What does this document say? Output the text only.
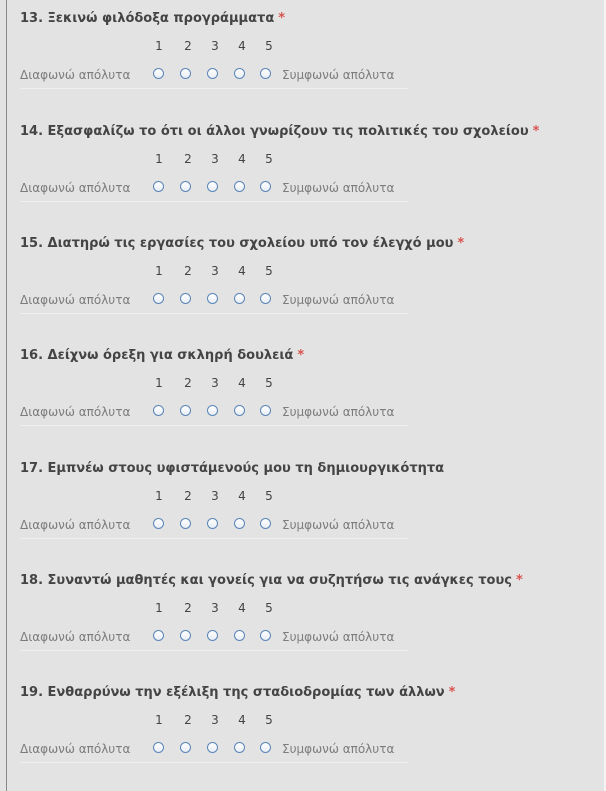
13. Ξεκινώ φιλόδοξα προγράμματα *
1	2	3	4	5
Διαφωνώ απόλυτα	Συμφωνώ απόλυτα
14. Εξασφαλίζω το ότι οι άλλοι γνωρίζουν τις πολιτικές του σχολείου *
1	2	3	4	5
Διαφωνώ απόλυτα	Συμφωνώ απόλυτα
15. Διατηρώ τις εργασίες του σχολείου υπό τον έλεγχό μου *
1	2	3	4	5
Διαφωνώ απόλυτα	Συμφωνώ απόλυτα
16. Δείχνω όρεξη για σκληρή δουλειά *
1	2	3	4	5
Διαφωνώ απόλυτα	Συμφωνώ απόλυτα
17. Εμπνέω στους υφιστάμενούς μου τη δημιουργικότητα
1	2	3	4	5
Διαφωνώ απόλυτα	Συμφωνώ απόλυτα
18. Συναντώ μαθητές και γονείς για να συζητήσω τις ανάγκες τους *
1	2	3	4	5
Διαφωνώ απόλυτα	Συμφωνώ απόλυτα
19. Ενθαρρύνω την εξέλιξη της σταδιοδρομίας των άλλων *
1	2	3	4	5
Διαφωνώ απόλυτα	Συμφωνώ απόλυτα
